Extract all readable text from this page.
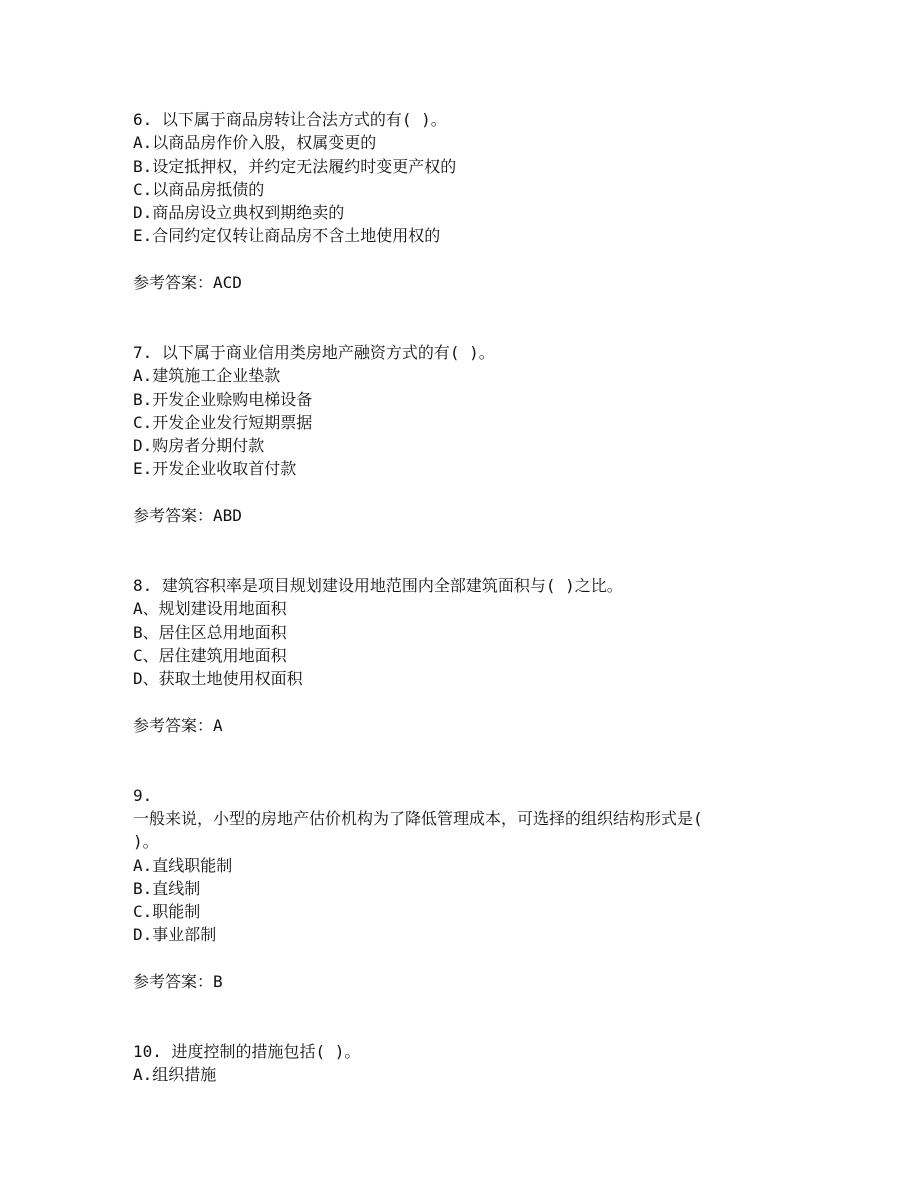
6. 以下属于商品房转让合法方式的有( )。
A.以商品房作价入股，权属变更的
B.设定抵押权，并约定无法履约时变更产权的
C.以商品房抵债的
D.商品房设立典权到期绝卖的
E.合同约定仅转让商品房不含土地使用权的
参考答案：ACD
7. 以下属于商业信用类房地产融资方式的有( )。
A.建筑施工企业垫款
B.开发企业赊购电梯设备
C.开发企业发行短期票据
D.购房者分期付款
E.开发企业收取首付款
参考答案：ABD
8. 建筑容积率是项目规划建设用地范围内全部建筑面积与( )之比。
A、规划建设用地面积
B、居住区总用地面积
C、居住建筑用地面积
D、获取土地使用权面积
参考答案：A
9.
一般来说，小型的房地产估价机构为了降低管理成本，可选择的组织结构形式是(
)。
A.直线职能制
B.直线制
C.职能制
D.事业部制
参考答案：B
10. 进度控制的措施包括( )。
A.组织措施
